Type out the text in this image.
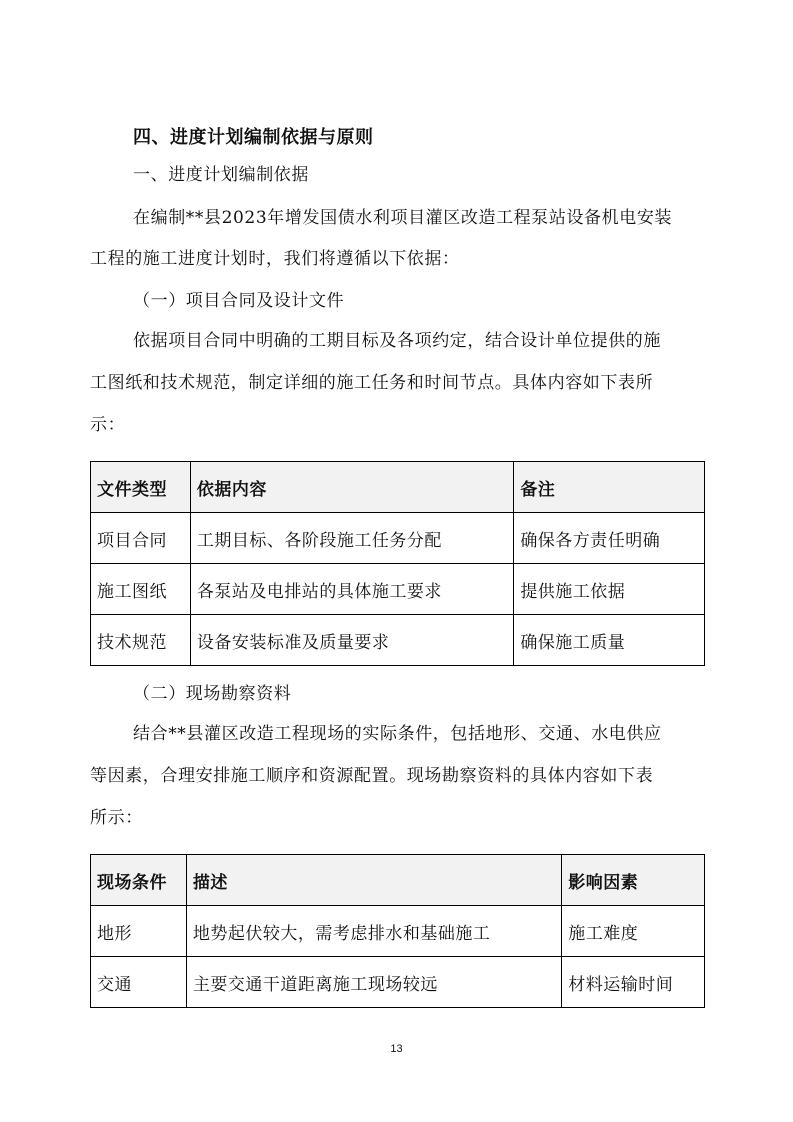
四、进度计划编制依据与原则
一、进度计划编制依据
在编制**县2023年增发国债水利项目灌区改造工程泵站设备机电安装
工程的施工进度计划时，我们将遵循以下依据：
（一）项目合同及设计文件
依据项目合同中明确的工期目标及各项约定，结合设计单位提供的施
工图纸和技术规范，制定详细的施工任务和时间节点。具体内容如下表所
示：
文件类型	依据内容	备注
项目合同	工期目标、各阶段施工任务分配	确保各方责任明确
施工图纸	各泵站及电排站的具体施工要求	提供施工依据
技术规范	设备安装标准及质量要求	确保施工质量
（二）现场勘察资料
结合**县灌区改造工程现场的实际条件，包括地形、交通、水电供应
等因素，合理安排施工顺序和资源配置。现场勘察资料的具体内容如下表
所示：
现场条件	描述	影响因素
地形	地势起伏较大，需考虑排水和基础施工	施工难度
交通	主要交通干道距离施工现场较远	材料运输时间
13
